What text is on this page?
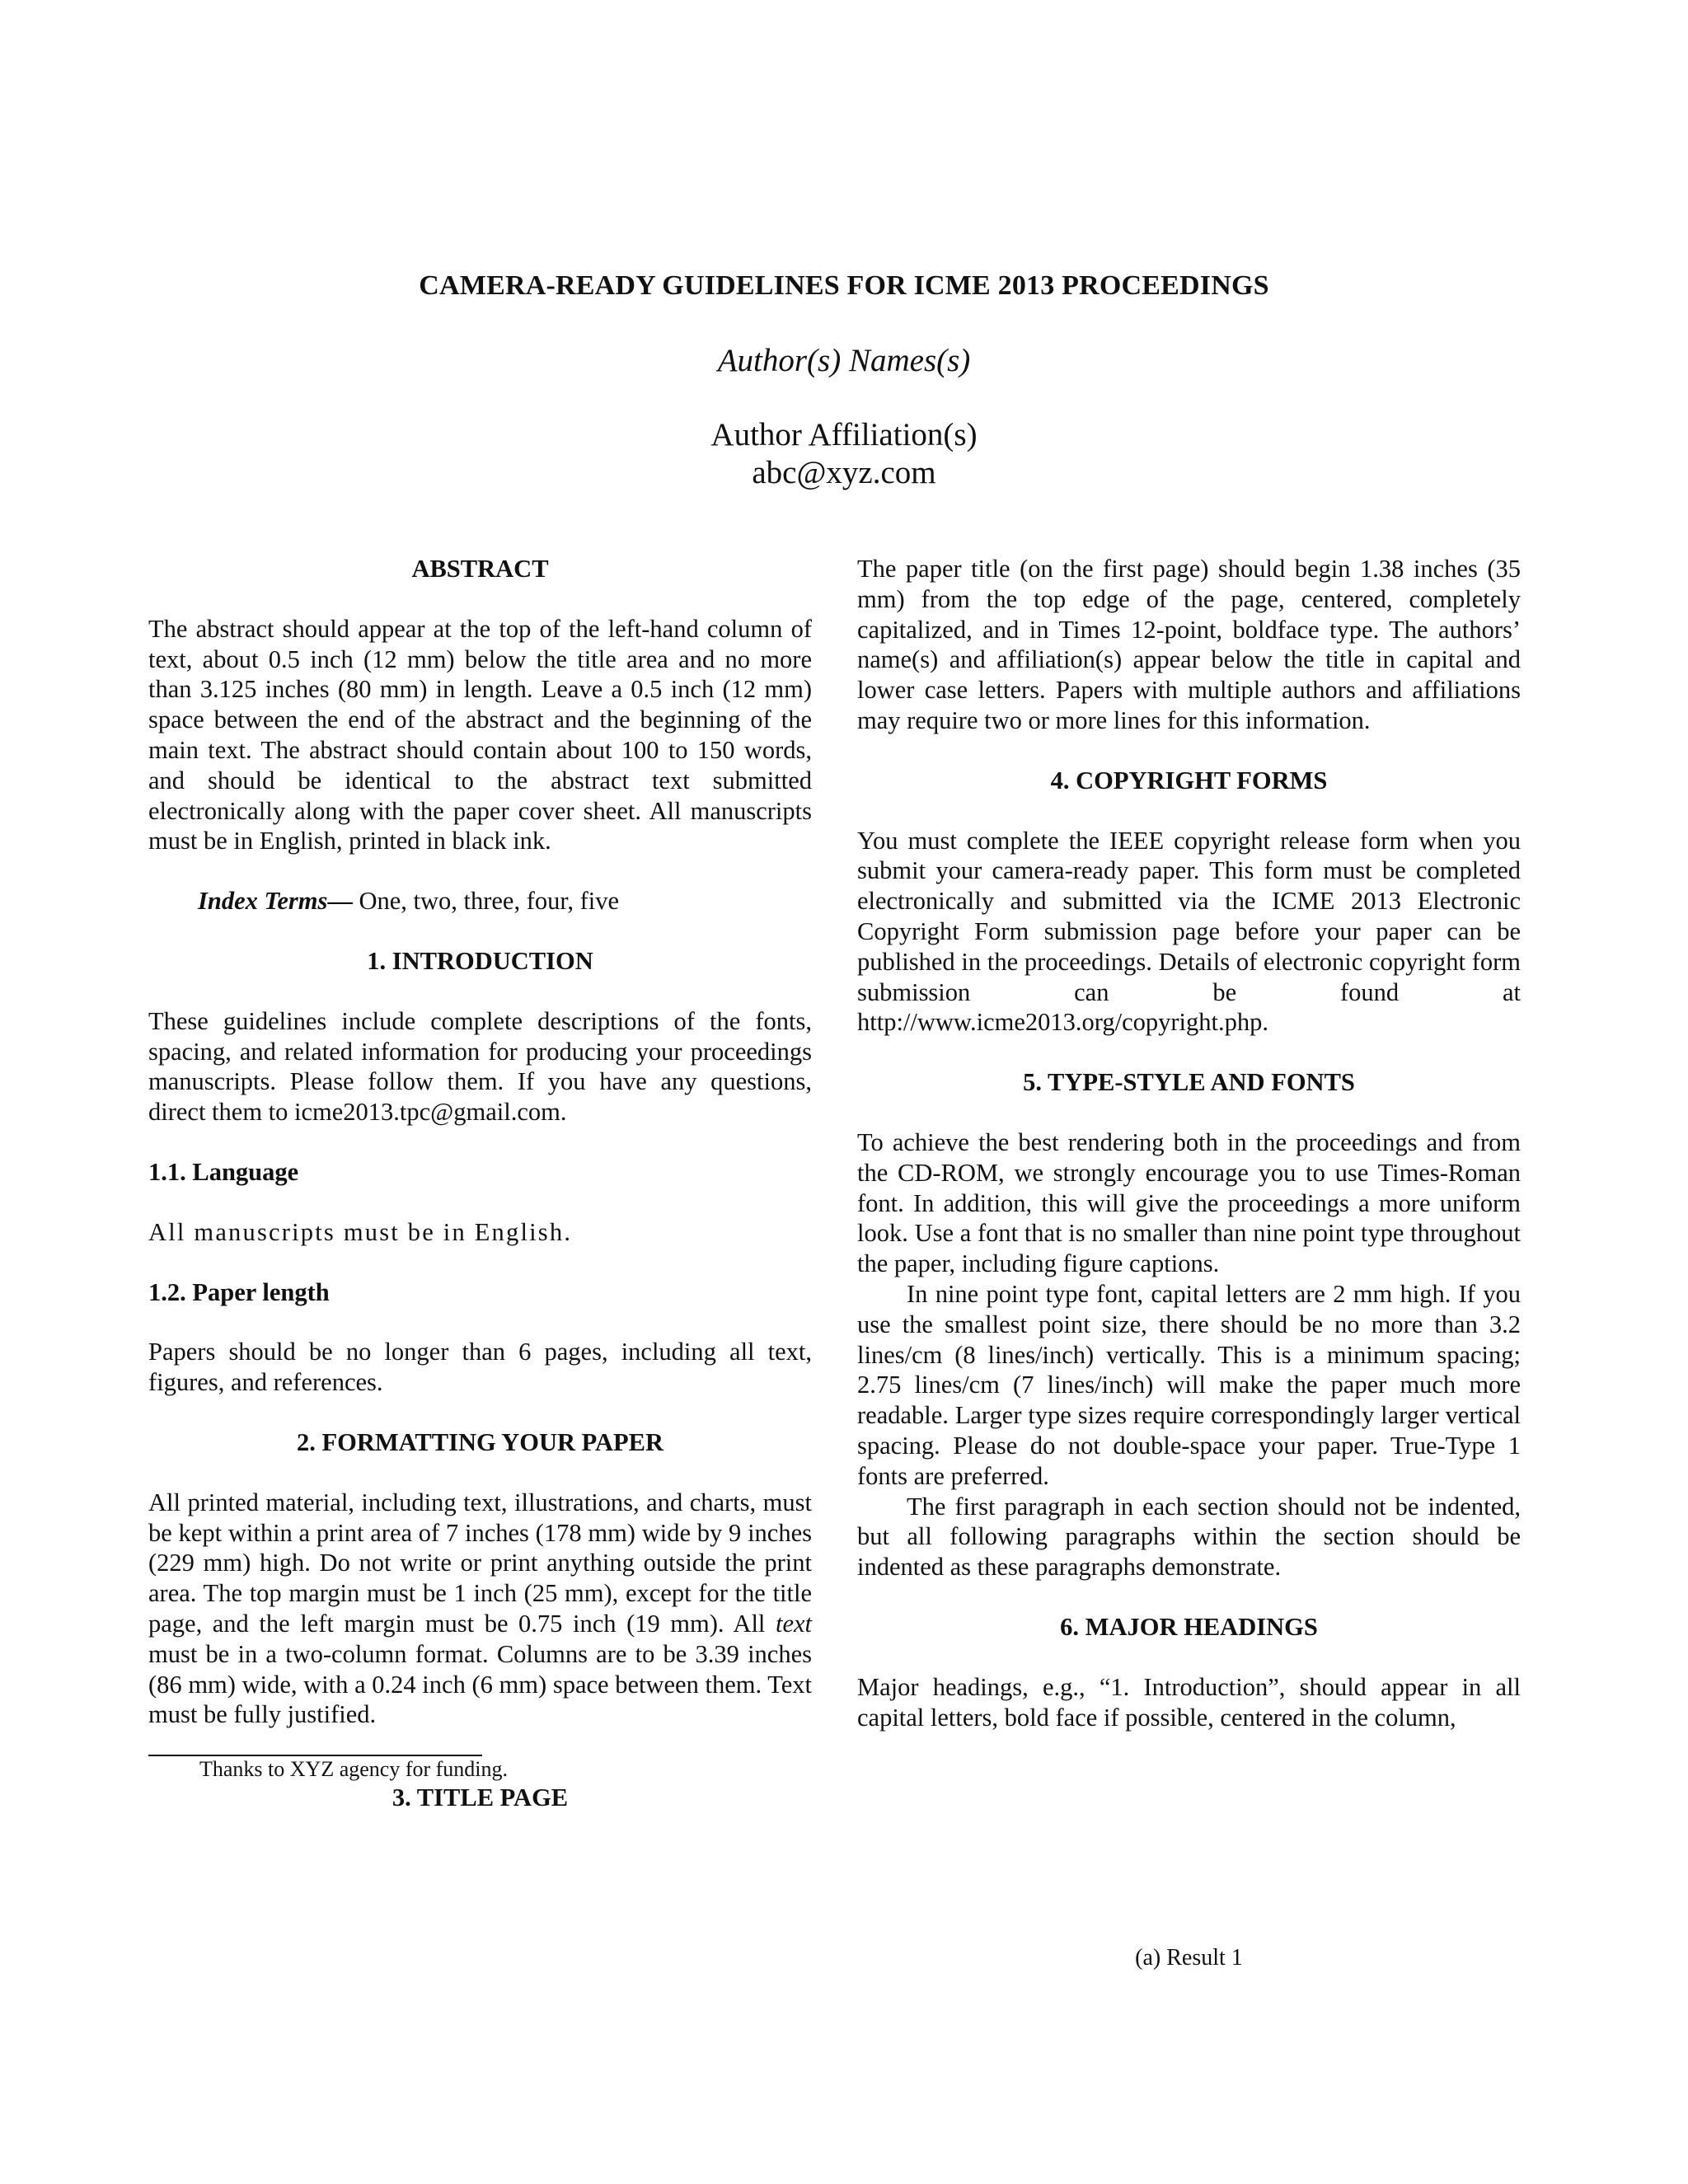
CAMERA-READY GUIDELINES FOR ICME 2013 PROCEEDINGS
Author(s) Names(s)
Author Affiliation(s)
abc@xyz.com
ABSTRACT

The abstract should appear at the top of the left-hand column of text, about 0.5 inch (12 mm) below the title area and no more than 3.125 inches (80 mm) in length. Leave a 0.5 inch (12 mm) space between the end of the abstract and the beginning of the main text. The abstract should contain about 100 to 150 words, and should be identical to the abstract text submitted electronically along with the paper cover sheet. All manuscripts must be in English, printed in black ink.

Index Terms— One, two, three, four, five

1. INTRODUCTION

These guidelines include complete descriptions of the fonts, spacing, and related information for producing your proceedings manuscripts. Please follow them. If you have any questions, direct them to icme2013.tpc@gmail.com.

1.1. Language

All manuscripts must be in English.

1.2. Paper length

Papers should be no longer than 6 pages, including all text, figures, and references.

2. FORMATTING YOUR PAPER

All printed material, including text, illustrations, and charts, must be kept within a print area of 7 inches (178 mm) wide by 9 inches (229 mm) high. Do not write or print anything outside the print area. The top margin must be 1 inch (25 mm), except for the title page, and the left margin must be 0.75 inch (19 mm). All text must be in a two-column format. Columns are to be 3.39 inches (86 mm) wide, with a 0.24 inch (6 mm) space between them. Text must be fully justified.

Thanks to XYZ agency for funding.

3. TITLE PAGE

The paper title (on the first page) should begin 1.38 inches (35 mm) from the top edge of the page, centered, completely capitalized, and in Times 12-point, boldface type. The authors’ name(s) and affiliation(s) appear below the title in capital and lower case letters. Papers with multiple authors and affiliations may require two or more lines for this information.

4. COPYRIGHT FORMS

You must complete the IEEE copyright release form when you submit your camera-ready paper. This form must be completed electronically and submitted via the ICME 2013 Electronic Copyright Form submission page before your paper can be published in the proceedings. Details of electronic copyright form submission can be found at http://www.icme2013.org/copyright.php.

5. TYPE-STYLE AND FONTS

To achieve the best rendering both in the proceedings and from the CD-ROM, we strongly encourage you to use Times-Roman font. In addition, this will give the proceedings a more uniform look. Use a font that is no smaller than nine point type throughout the paper, including figure captions.

In nine point type font, capital letters are 2 mm high. If you use the smallest point size, there should be no more than 3.2 lines/cm (8 lines/inch) vertically. This is a minimum spacing; 2.75 lines/cm (7 lines/inch) will make the paper much more readable. Larger type sizes require correspondingly larger vertical spacing. Please do not double-space your paper. True-Type 1 fonts are preferred.

The first paragraph in each section should not be indented, but all following paragraphs within the section should be indented as these paragraphs demonstrate.

6. MAJOR HEADINGS

Major headings, e.g., “1. Introduction”, should appear in all capital letters, bold face if possible, centered in the column,

(a) Result 1
